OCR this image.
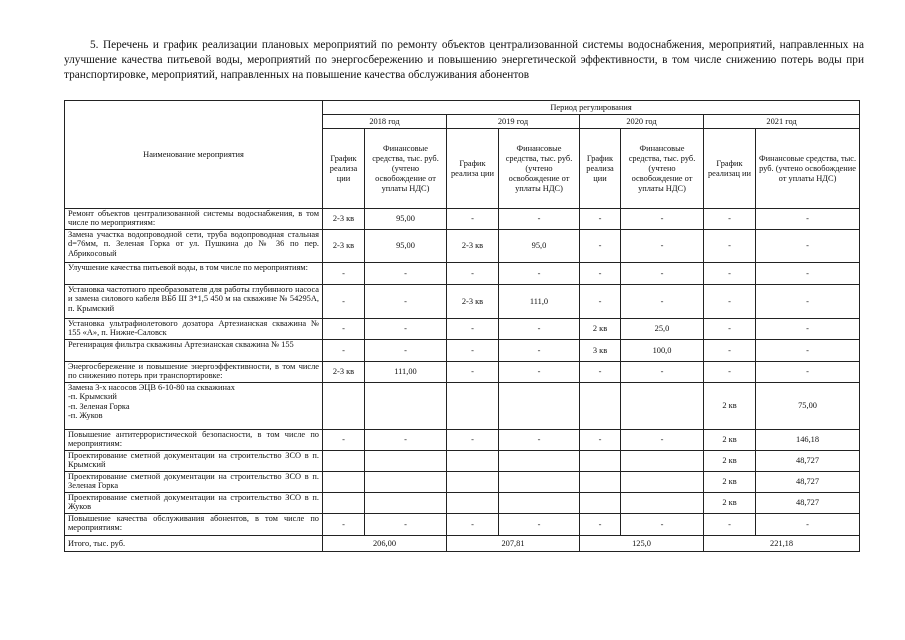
5. Перечень и график реализации плановых мероприятий по ремонту объектов централизованной системы водоснабжения, мероприятий, направленных на улучшение качества питьевой воды, мероприятий по энергосбережению и повышению энергетической эффективности, в том числе снижению потерь воды при транспортировке, мероприятий, направленных на повышение качества обслуживания абонентов
Наименование мероприятия	Период регулирования							
	2018 год		2019 год		2020 год		2021 год	
	График реализа ции	Финансовые средства, тыс. руб. (учтено освобождение от уплаты НДС)	График реализа ции	Финансовые средства, тыс. руб. (учтено освобождение от уплаты НДС)	График реализа ции	Финансовые средства, тыс. руб. (учтено освобождение от уплаты НДС)	График реализац ии	Финансовые средства, тыс. руб. (учтено освобождение от уплаты НДС)
Ремонт объектов централизованной системы водоснабжения, в том числе по мероприятиям:	2-3 кв	95,00	-	-	-	-	-	-
Замена участка водопроводной сети, труба водопроводная стальная d=76мм, п. Зеленая Горка от ул. Пушкина до № 36 по пер. Абрикосовый	2-3 кв	95,00	2-3 кв	95,0	-	-	-	-
Улучшение качества питьевой воды, в том числе по мероприятиям:	-	-	-	-	-	-	-	-
Установка частотного преобразователя для работы глубинного насоса и замена силового кабеля ВБб Ш 3*1,5 450 м на скважине № 54295А, п. Крымский	-	-	2-3 кв	111,0	-	-	-	-
Установка ультрафиолетового дозатора Артезианская скважина № 155 «А», п. Нижне-Саловск	-	-	-	-	2 кв	25,0	-	-
Регенирация фильтра скважины Артезианская скважина № 155	-	-	-	-	3 кв	100,0	-	-
Энергосбережение и повышение энергоэффективности, в том числе по снижению потерь при транспортировке:	2-3 кв	111,00	-	-	-	-	-	-
Замена 3-х насосов ЭЦВ 6-10-80 на скважинах
-п. Крымский
-п. Зеленая Горка
-п. Жуков							2 кв	75,00
Повышение антитеррористической безопасности, в том числе по мероприятиям:	-	-	-	-	-	-	2 кв	146,18
Проектирование сметной документации на строительство ЗСО в п. Крымский							2 кв	48,727
Проектирование сметной документации на строительство ЗСО в п. Зеленая Горка							2 кв	48,727
Проектирование сметной документации на строительство ЗСО в п. Жуков							2 кв	48,727
Повышение качества обслуживания абонентов, в том числе по мероприятиям:	-	-	-	-	-	-	-	-
Итого, тыс. руб.	206,00		207,81		125,0		221,18	
